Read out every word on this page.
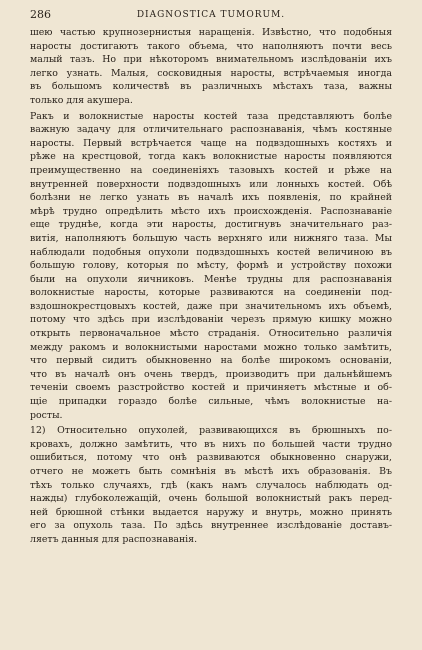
286	DIAGNOSTICA TUMORUM.
шею частью крупнозернистыя наращенія. Извѣстно, что подобныя
наросты достигаютъ такого объема, что наполняютъ почти весь
малый тазъ. Но при нѣкоторомъ внимательномъ изслѣдованіи ихъ
легко узнать. Малыя, сосковидныя наросты, встрѣчаемыя иногда
въ большомъ количествѣ въ различныхъ мѣстахъ таза, важны
только для акушера.
Ракъ и волокнистые наросты костей таза представляютъ болѣе
важную задачу для отличительнаго распознаванія, чѣмъ костяные
наросты. Первый встрѣчается чаще на подвздошныхъ костяхъ и
рѣже на крестцовой, тогда какъ волокнистые наросты появляются
преимущественно на соединеніяхъ тазовыхъ костей и рѣже на
внутренней поверхности подвздошныхъ или лонныхъ костей. Обѣ
болѣзни не легко узнать въ началѣ ихъ появленія, по крайней
мѣрѣ трудно опредѣлить мѣсто ихъ происхожденія. Распознаваніе
еще труднѣе, когда эти наросты, достигнувъ значительнаго раз-
витія, наполняютъ большую часть верхняго или нижняго таза. Мы
наблюдали подобныя опухоли подвздошныхъ костей величиною въ
большую голову, которыя по мѣсту, формѣ и устройству похожи
были на опухоли яичниковъ. Менѣе трудны для распознаванія
волокнистые наросты, которые развиваются на соединеніи под-
вздошнокрестцовыхъ костей, даже при значительномъ ихъ объемѣ,
потому что здѣсь при изслѣдованіи черезъ прямую кишку можно
открыть первоначальное мѣсто страданія. Относительно различія
между ракомъ и волокнистыми наростами можно только замѣтить,
что первый сидитъ обыкновенно на болѣе широкомъ основаніи,
что въ началѣ онъ очень твердъ, производитъ при дальнѣйшемъ
теченіи своемъ разстройство костей и причиняетъ мѣстные и об-
щіе припадки гораздо болѣе сильные, чѣмъ волокнистые на-
росты.
12) Относительно опухолей, развивающихся въ брюшныхъ по-
кровахъ, должно замѣтить, что въ нихъ по большей части трудно
ошибиться, потому что онѣ развиваются обыкновенно снаружи,
отчего не можетъ быть сомнѣнія въ мѣстѣ ихъ образованія. Въ
тѣхъ только случаяхъ, гдѣ (какъ намъ случалось наблюдать од-
нажды) глубоколежащій, очень большой волокнистый ракъ перед-
ней брюшной стѣнки выдается наружу и внутрь, можно принять
его за опухоль таза. По здѣсь внутреннее изслѣдованіе доставъ-
ляетъ данныя для распознаванія.
